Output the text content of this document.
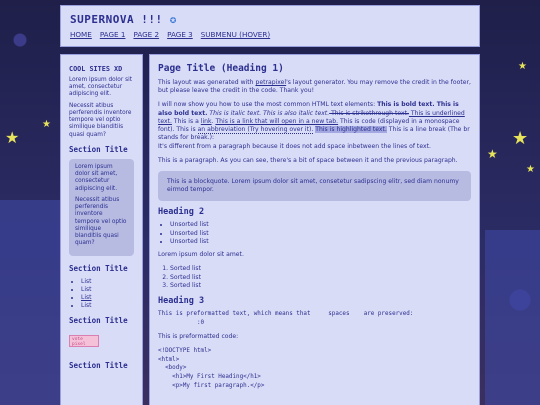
★
★
★
★
★
★
SUPERNOVA !!! ✪
HOME PAGE 1 PAGE 2 PAGE 3 SUBMENU (HOVER)
COOL SITES XD
Lorem ipsum dolor sit amet, consectetur adipiscing elit.
Necessit atibus perferendis inventore tempore vel optio similique blanditiis quasi quam?
Section Title
Lorem ipsum dolor sit amet, consectetur adipiscing elit.
Necessit atibus perferendis inventore tempore vel optio similique blanditiis quasi quam?
Section Title
• List
• List
• List
• List
Section Title
vote
pixel
Section Title
Page Title (Heading 1)

This layout was generated with petrapixel's layout generator. You may remove the credit in the footer, but please leave the credit in the code. Thank you!

I will now show you how to use the most common HTML text elements: This is bold text. This is also bold text. This is italic text. This is also italic text. This is strikethrough text. This is underlined text. This is a link. This is a link that will open in a new tab. This is code (displayed in a monospace font). This is an abbreviation (Try hovering over it). This is highlighted text. This is a line break (The br stands for break.):
It's different from a paragraph because it does not add space inbetween the lines of text.

This is a paragraph. As you can see, there's a bit of space between it and the previous paragraph.

This is a blockquote. Lorem ipsum dolor sit amet, consetetur sadipscing elitr, sed diam nonumy eirmod tempor.

Heading 2
• Unsorted list
• Unsorted list
• Unsorted list

Lorem ipsum dolor sit amet.

1. Sorted list
2. Sorted list
3. Sorted list
Heading 3
This is preformatted text, which means that     spaces    are preserved:
:0

This is preformatted code:

<!DOCTYPE html>
<html>
<body>
<h1>My First Heading</h1>
<p>My first paragraph.</p>
